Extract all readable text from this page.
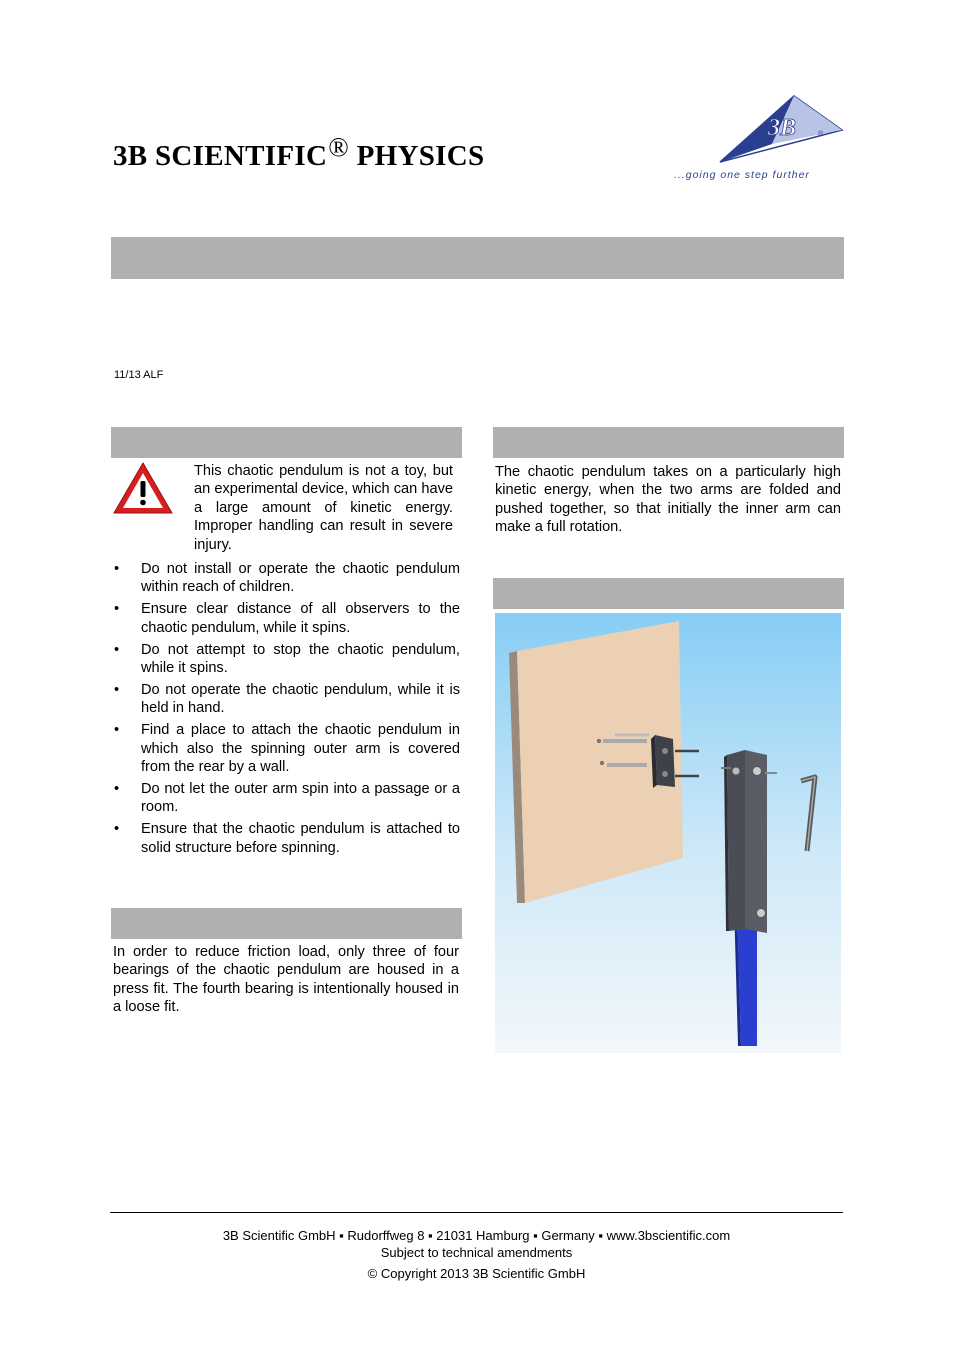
3B SCIENTIFIC® PHYSICS
3B	®
...going one step further
11/13 ALF
This chaotic pendulum is not a toy, but an experimental device, which can have a large amount of kinetic energy. Improper handling can result in severe injury.
• Do not install or operate the chaotic pendulum within reach of children.
• Ensure clear distance of all observers to the chaotic pendulum, while it spins.
• Do not attempt to stop the chaotic pendulum, while it spins.
• Do not operate the chaotic pendulum, while it is held in hand.
• Find a place to attach the chaotic pendulum in which also the spinning outer arm is covered from the rear by a wall.
• Do not let the outer arm spin into a passage or a room.
• Ensure that the chaotic pendulum is attached to solid structure before spinning.
In order to reduce friction load, only three of four bearings of the chaotic pendulum are housed in a press fit. The fourth bearing is intentionally housed in a loose fit.
The chaotic pendulum takes on a particularly high kinetic energy, when the two arms are folded and pushed together, so that initially the inner arm can make a full rotation.
3B Scientific GmbH ▪ Rudorffweg 8 ▪ 21031 Hamburg ▪ Germany ▪ www.3bscientific.com
Subject to technical amendments
© Copyright 2013 3B Scientific GmbH
